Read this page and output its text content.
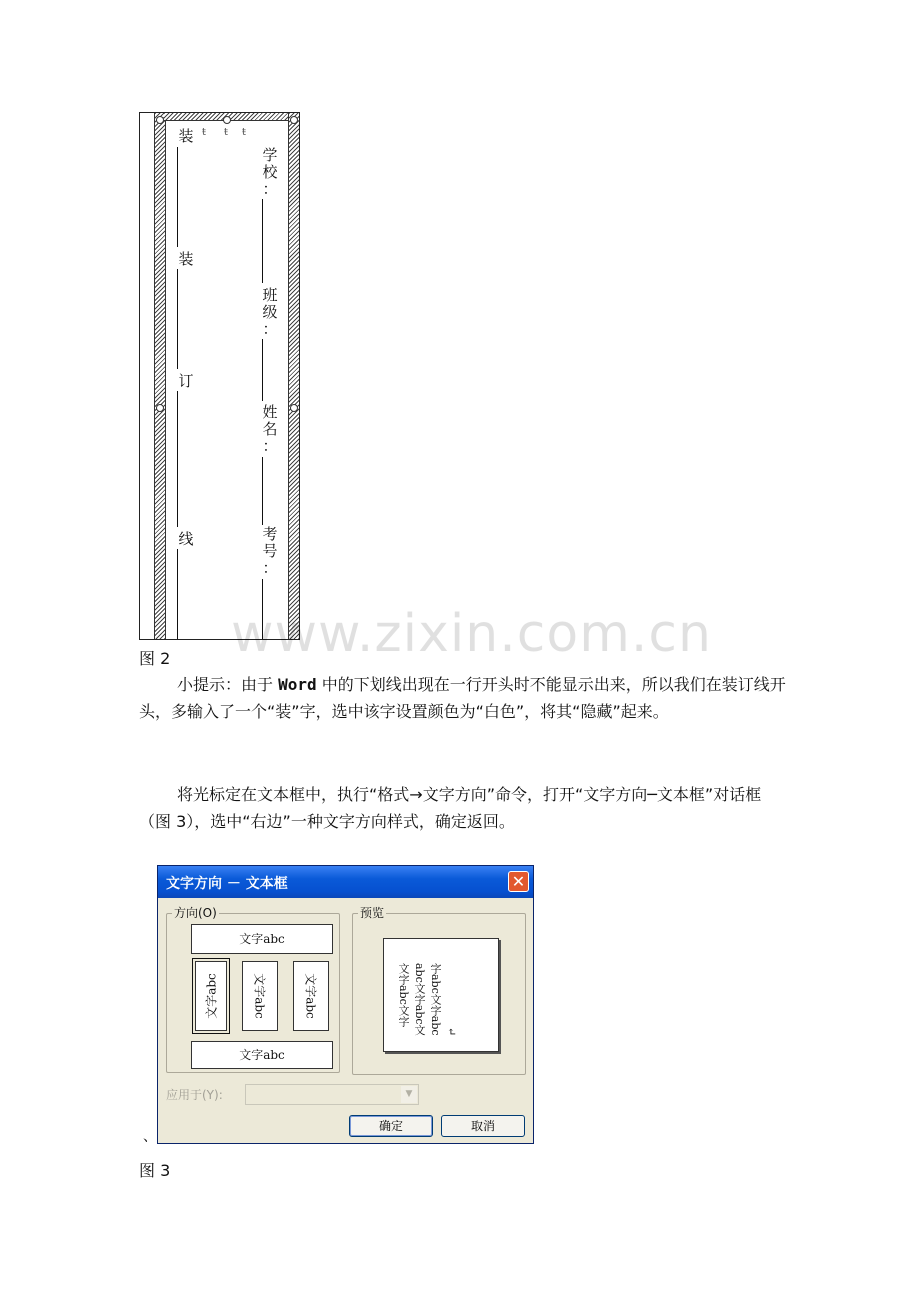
ŧ ŧ ŧ
装
装
订
线
学
校
：
班
级
：
姓
名
：
考
号
：
www.zixin.com.cn
图 2
小提示：由于 Word 中的下划线出现在一行开头时不能显示出来，所以我们在装订线开头，多输入了一个“装”字，选中该字设置颜色为“白色”，将其“隐藏”起来。
将光标定在文本框中，执行“格式→文字方向”命令，打开“文字方向─文本框”对话框（图 3），选中“右边”一种文字方向样式，确定返回。
文字方向 － 文本框	✕
方向(O)
文字abc
文字abc	文字abc	文字abc
文字abc
预览
文字abc文字 abc文字abc文 字abc文字abc ↵
应用于(Y):	▼
确定	取消
、
图 3
